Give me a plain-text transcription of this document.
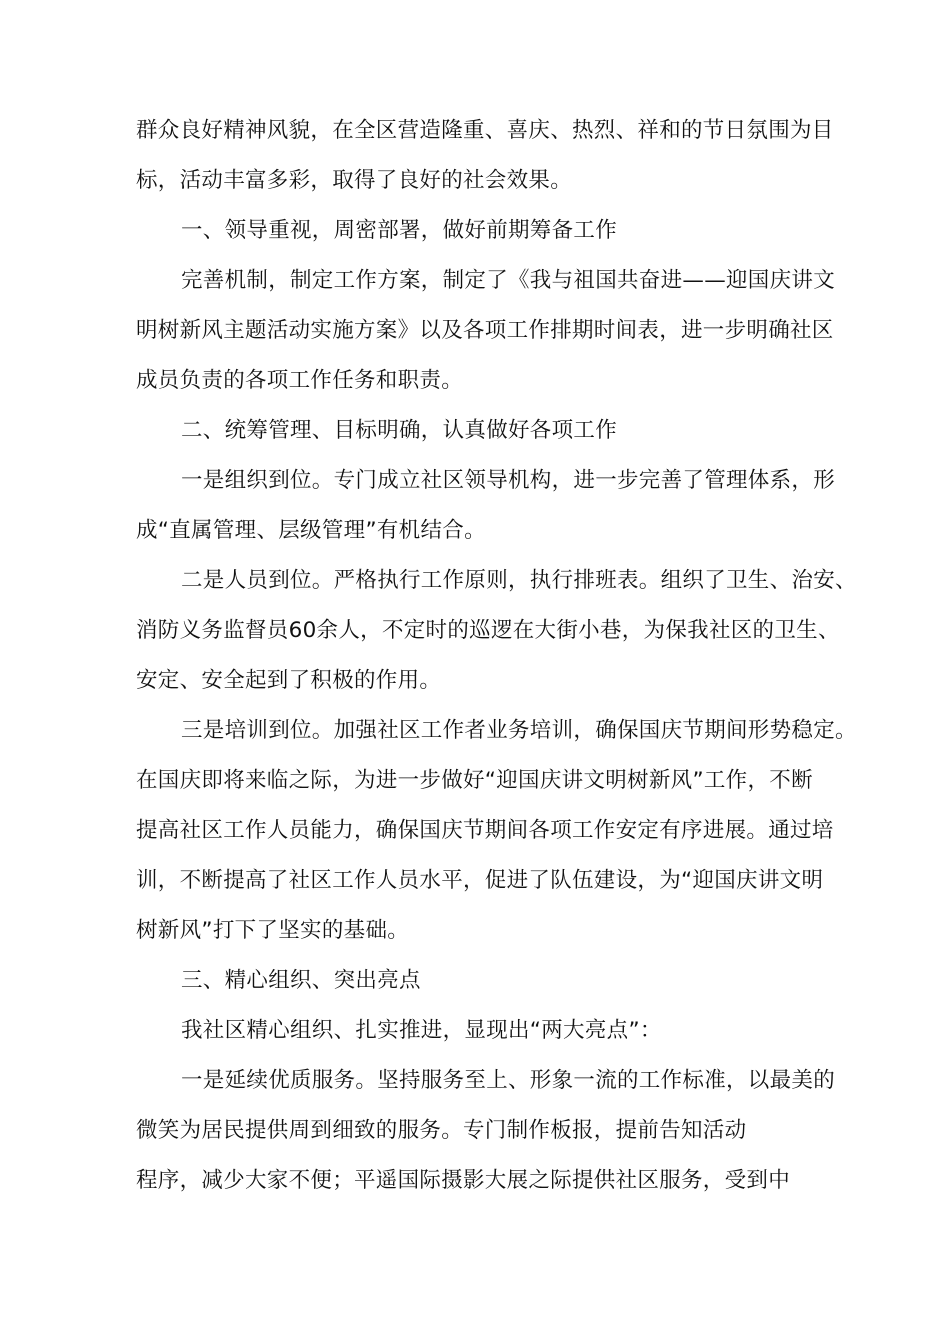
群众良好精神风貌，在全区营造隆重、喜庆、热烈、祥和的节日氛围为目
标，活动丰富多彩，取得了良好的社会效果。
一、领导重视，周密部署，做好前期筹备工作
完善机制，制定工作方案，制定了《我与祖国共奋进——迎国庆讲文
明树新风主题活动实施方案》以及各项工作排期时间表，进一步明确社区
成员负责的各项工作任务和职责。
二、统筹管理、目标明确，认真做好各项工作
一是组织到位。专门成立社区领导机构，进一步完善了管理体系，形
成“直属管理、层级管理”有机结合。
二是人员到位。严格执行工作原则，执行排班表。组织了卫生、治安、
消防义务监督员60余人，不定时的巡逻在大街小巷，为保我社区的卫生、
安定、安全起到了积极的作用。
三是培训到位。加强社区工作者业务培训，确保国庆节期间形势稳定。
在国庆即将来临之际，为进一步做好“迎国庆讲文明树新风”工作，不断
提高社区工作人员能力，确保国庆节期间各项工作安定有序进展。通过培
训，不断提高了社区工作人员水平，促进了队伍建设，为“迎国庆讲文明
树新风”打下了坚实的基础。
三、精心组织、突出亮点
我社区精心组织、扎实推进，显现出“两大亮点”：
一是延续优质服务。坚持服务至上、形象一流的工作标准，以最美的
微笑为居民提供周到细致的服务。专门制作板报，提前告知活动
程序，减少大家不便；平遥国际摄影大展之际提供社区服务，受到中
